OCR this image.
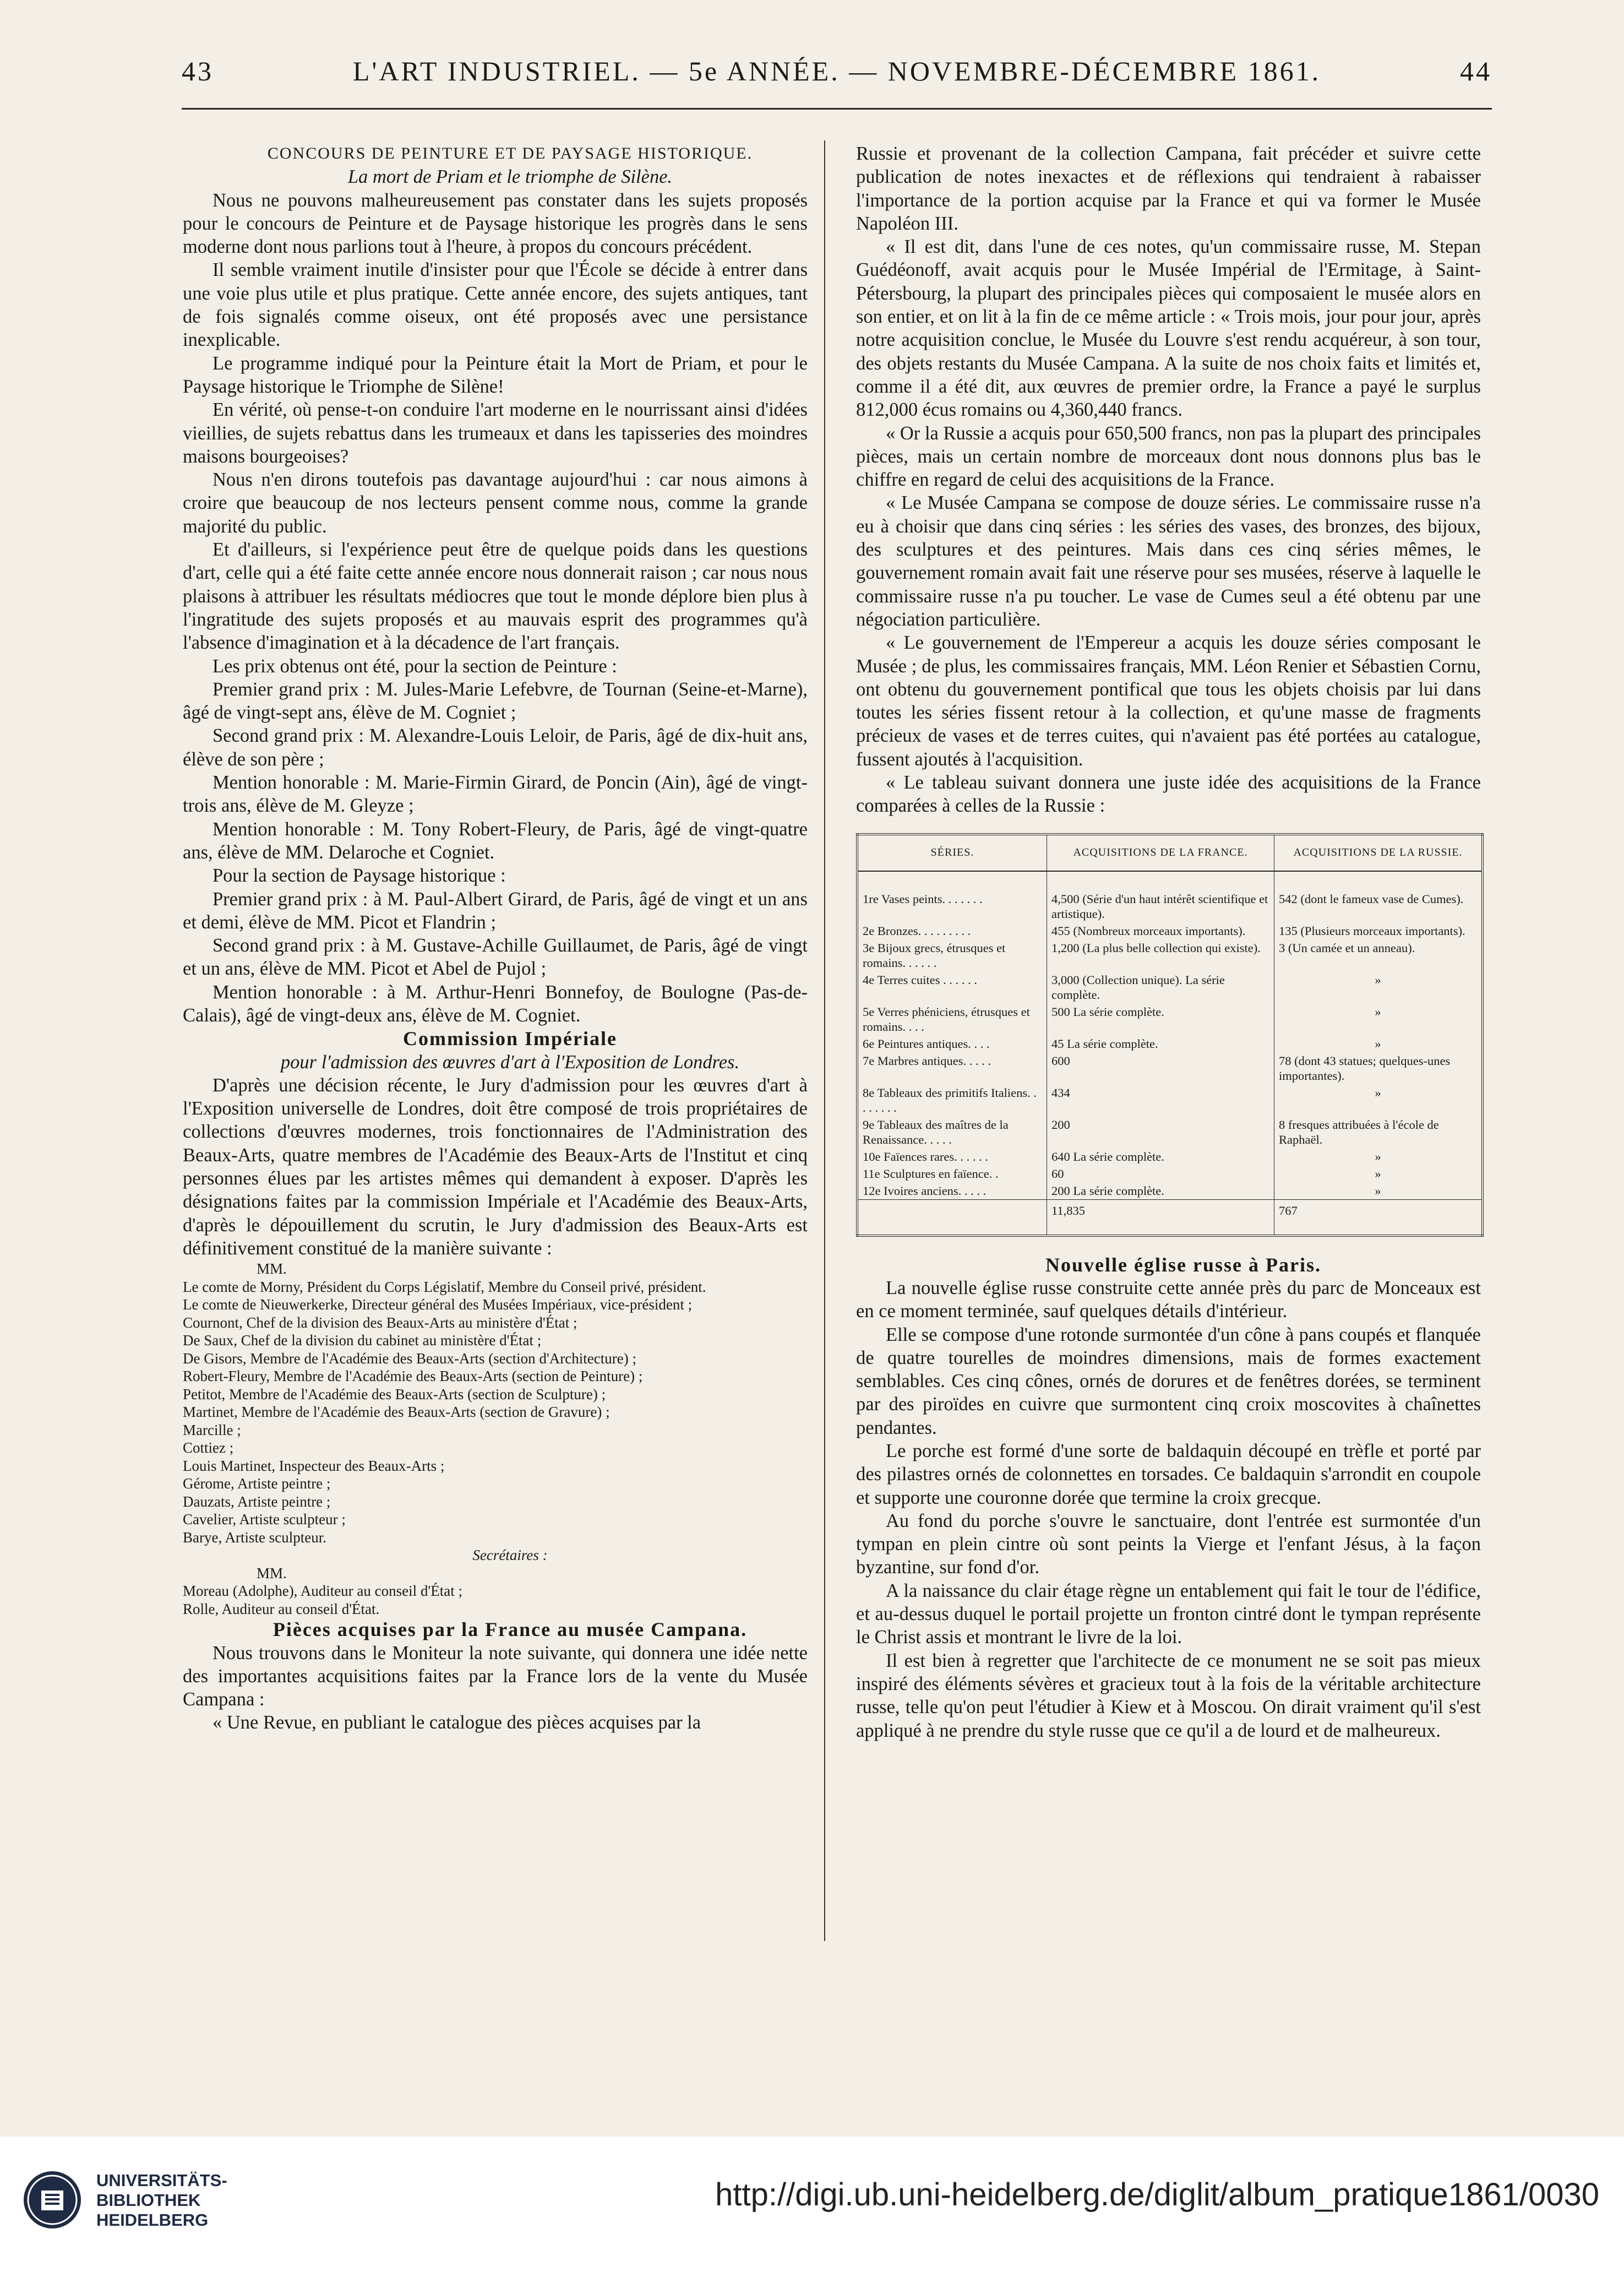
43	L'ART INDUSTRIEL. — 5e ANNÉE. — NOVEMBRE-DÉCEMBRE 1861.	44

CONCOURS DE PEINTURE ET DE PAYSAGE HISTORIQUE.

La mort de Priam et le triomphe de Silène.

Nous ne pouvons malheureusement pas constater dans les sujets proposés pour le concours de Peinture et de Paysage historique les progrès dans le sens moderne dont nous parlions tout à l'heure, à propos du concours précédent.

Il semble vraiment inutile d'insister pour que l'École se décide à entrer dans une voie plus utile et plus pratique. Cette année encore, des sujets antiques, tant de fois signalés comme oiseux, ont été proposés avec une persistance inexplicable.

Le programme indiqué pour la Peinture était la Mort de Priam, et pour le Paysage historique le Triomphe de Silène!

En vérité, où pense-t-on conduire l'art moderne en le nourrissant ainsi d'idées vieillies, de sujets rebattus dans les trumeaux et dans les tapisseries des moindres maisons bourgeoises?

Nous n'en dirons toutefois pas davantage aujourd'hui : car nous aimons à croire que beaucoup de nos lecteurs pensent comme nous, comme la grande majorité du public.

Et d'ailleurs, si l'expérience peut être de quelque poids dans les questions d'art, celle qui a été faite cette année encore nous donnerait raison ; car nous nous plaisons à attribuer les résultats médiocres que tout le monde déplore bien plus à l'ingratitude des sujets proposés et au mauvais esprit des programmes qu'à l'absence d'imagination et à la décadence de l'art français.

Les prix obtenus ont été, pour la section de Peinture :

Premier grand prix : M. Jules-Marie Lefebvre, de Tournan (Seine-et-Marne), âgé de vingt-sept ans, élève de M. Cogniet ;

Second grand prix : M. Alexandre-Louis Leloir, de Paris, âgé de dix-huit ans, élève de son père ;

Mention honorable : M. Marie-Firmin Girard, de Poncin (Ain), âgé de vingt-trois ans, élève de M. Gleyze ;

Mention honorable : M. Tony Robert-Fleury, de Paris, âgé de vingt-quatre ans, élève de MM. Delaroche et Cogniet.

Pour la section de Paysage historique :

Premier grand prix : à M. Paul-Albert Girard, de Paris, âgé de vingt et un ans et demi, élève de MM. Picot et Flandrin ;

Second grand prix : à M. Gustave-Achille Guillaumet, de Paris, âgé de vingt et un ans, élève de MM. Picot et Abel de Pujol ;

Mention honorable : à M. Arthur-Henri Bonnefoy, de Boulogne (Pas-de-Calais), âgé de vingt-deux ans, élève de M. Cogniet.

Commission Impériale

pour l'admission des œuvres d'art à l'Exposition de Londres.

D'après une décision récente, le Jury d'admission pour les œuvres d'art à l'Exposition universelle de Londres, doit être composé de trois propriétaires de collections d'œuvres modernes, trois fonctionnaires de l'Administration des Beaux-Arts, quatre membres de l'Académie des Beaux-Arts de l'Institut et cinq personnes élues par les artistes mêmes qui demandent à exposer. D'après les désignations faites par la commission Impériale et l'Académie des Beaux-Arts, d'après le dépouillement du scrutin, le Jury d'admission des Beaux-Arts est définitivement constitué de la manière suivante :

MM.

Le comte de Morny, Président du Corps Législatif, Membre du Conseil privé, président.

Le comte de Nieuwerkerke, Directeur général des Musées Impériaux, vice-président ;

Cournont, Chef de la division des Beaux-Arts au ministère d'État ;

De Saux, Chef de la division du cabinet au ministère d'État ;

De Gisors, Membre de l'Académie des Beaux-Arts (section d'Architecture) ;

Robert-Fleury, Membre de l'Académie des Beaux-Arts (section de Peinture) ;

Petitot, Membre de l'Académie des Beaux-Arts (section de Sculpture) ;

Martinet, Membre de l'Académie des Beaux-Arts (section de Gravure) ;

Marcille ;

Cottiez ;

Louis Martinet, Inspecteur des Beaux-Arts ;

Gérome, Artiste peintre ;

Dauzats, Artiste peintre ;

Cavelier, Artiste sculpteur ;

Barye, Artiste sculpteur.

Secrétaires :

MM.

Moreau (Adolphe), Auditeur au conseil d'État ;

Rolle, Auditeur au conseil d'État.

Pièces acquises par la France au musée Campana.

Nous trouvons dans le Moniteur la note suivante, qui donnera une idée nette des importantes acquisitions faites par la France lors de la vente du Musée Campana :

« Une Revue, en publiant le catalogue des pièces acquises par la

Russie et provenant de la collection Campana, fait précéder et suivre cette publication de notes inexactes et de réflexions qui tendraient à rabaisser l'importance de la portion acquise par la France et qui va former le Musée Napoléon III.

« Il est dit, dans l'une de ces notes, qu'un commissaire russe, M. Stepan Guédéonoff, avait acquis pour le Musée Impérial de l'Ermitage, à Saint-Pétersbourg, la plupart des principales pièces qui composaient le musée alors en son entier, et on lit à la fin de ce même article : « Trois mois, jour pour jour, après notre acquisition conclue, le Musée du Louvre s'est rendu acquéreur, à son tour, des objets restants du Musée Campana. A la suite de nos choix faits et limités et, comme il a été dit, aux œuvres de premier ordre, la France a payé le surplus 812,000 écus romains ou 4,360,440 francs.

« Or la Russie a acquis pour 650,500 francs, non pas la plupart des principales pièces, mais un certain nombre de morceaux dont nous donnons plus bas le chiffre en regard de celui des acquisitions de la France.

« Le Musée Campana se compose de douze séries. Le commissaire russe n'a eu à choisir que dans cinq séries : les séries des vases, des bronzes, des bijoux, des sculptures et des peintures. Mais dans ces cinq séries mêmes, le gouvernement romain avait fait une réserve pour ses musées, réserve à laquelle le commissaire russe n'a pu toucher. Le vase de Cumes seul a été obtenu par une négociation particulière.

« Le gouvernement de l'Empereur a acquis les douze séries composant le Musée ; de plus, les commissaires français, MM. Léon Renier et Sébastien Cornu, ont obtenu du gouvernement pontifical que tous les objets choisis par lui dans toutes les séries fissent retour à la collection, et qu'une masse de fragments précieux de vases et de terres cuites, qui n'avaient pas été portées au catalogue, fussent ajoutés à l'acquisition.

« Le tableau suivant donnera une juste idée des acquisitions de la France comparées à celles de la Russie :

SÉRIES.	ACQUISITIONS DE LA FRANCE.	ACQUISITIONS DE LA RUSSIE.
1re Vases peints. . . . . . .	4,500 (Série d'un haut intérêt scientifique et artistique).	542 (dont le fameux vase de Cumes).
2e Bronzes. . . . . . . . .	455 (Nombreux morceaux importants).	135 (Plusieurs morceaux importants).
3e Bijoux grecs, étrusques et romains. . . . . .	1,200 (La plus belle collection qui existe).	3 (Un camée et un anneau).
4e Terres cuites . . . . . .	3,000 (Collection unique). La série complète.	»
5e Verres phéniciens, étrusques et romains. . . .	500 La série complète.	»
6e Peintures antiques. . . .	45 La série complète.	»
7e Marbres antiques. . . . .	600	78 (dont 43 statues; quelques-unes importantes).
8e Tableaux des primitifs Italiens. . . . . . . .	434	»
9e Tableaux des maîtres de la Renaissance. . . . .	200	8 fresques attribuées à l'école de Raphaël.
10e Faïences rares. . . . . .	640 La série complète.	»
11e Sculptures en faïence. .	60	»
12e Ivoires anciens. . . . .	200 La série complète.	»
	11,835	767

Nouvelle église russe à Paris.

La nouvelle église russe construite cette année près du parc de Monceaux est en ce moment terminée, sauf quelques détails d'intérieur.

Elle se compose d'une rotonde surmontée d'un cône à pans coupés et flanquée de quatre tourelles de moindres dimensions, mais de formes exactement semblables. Ces cinq cônes, ornés de dorures et de fenêtres dorées, se terminent par des piroïdes en cuivre que surmontent cinq croix moscovites à chaînettes pendantes.

Le porche est formé d'une sorte de baldaquin découpé en trèfle et porté par des pilastres ornés de colonnettes en torsades. Ce baldaquin s'arrondit en coupole et supporte une couronne dorée que termine la croix grecque.

Au fond du porche s'ouvre le sanctuaire, dont l'entrée est surmontée d'un tympan en plein cintre où sont peints la Vierge et l'enfant Jésus, à la façon byzantine, sur fond d'or.

A la naissance du clair étage règne un entablement qui fait le tour de l'édifice, et au-dessus duquel le portail projette un fronton cintré dont le tympan représente le Christ assis et montrant le livre de la loi.

Il est bien à regretter que l'architecte de ce monument ne se soit pas mieux inspiré des éléments sévères et gracieux tout à la fois de la véritable architecture russe, telle qu'on peut l'étudier à Kiew et à Moscou. On dirait vraiment qu'il s'est appliqué à ne prendre du style russe que ce qu'il a de lourd et de malheureux.

UNIVERSITÄTS-
BIBLIOTHEK
HEIDELBERG
http://digi.ub.uni-heidelberg.de/diglit/album_pratique1861/0030
